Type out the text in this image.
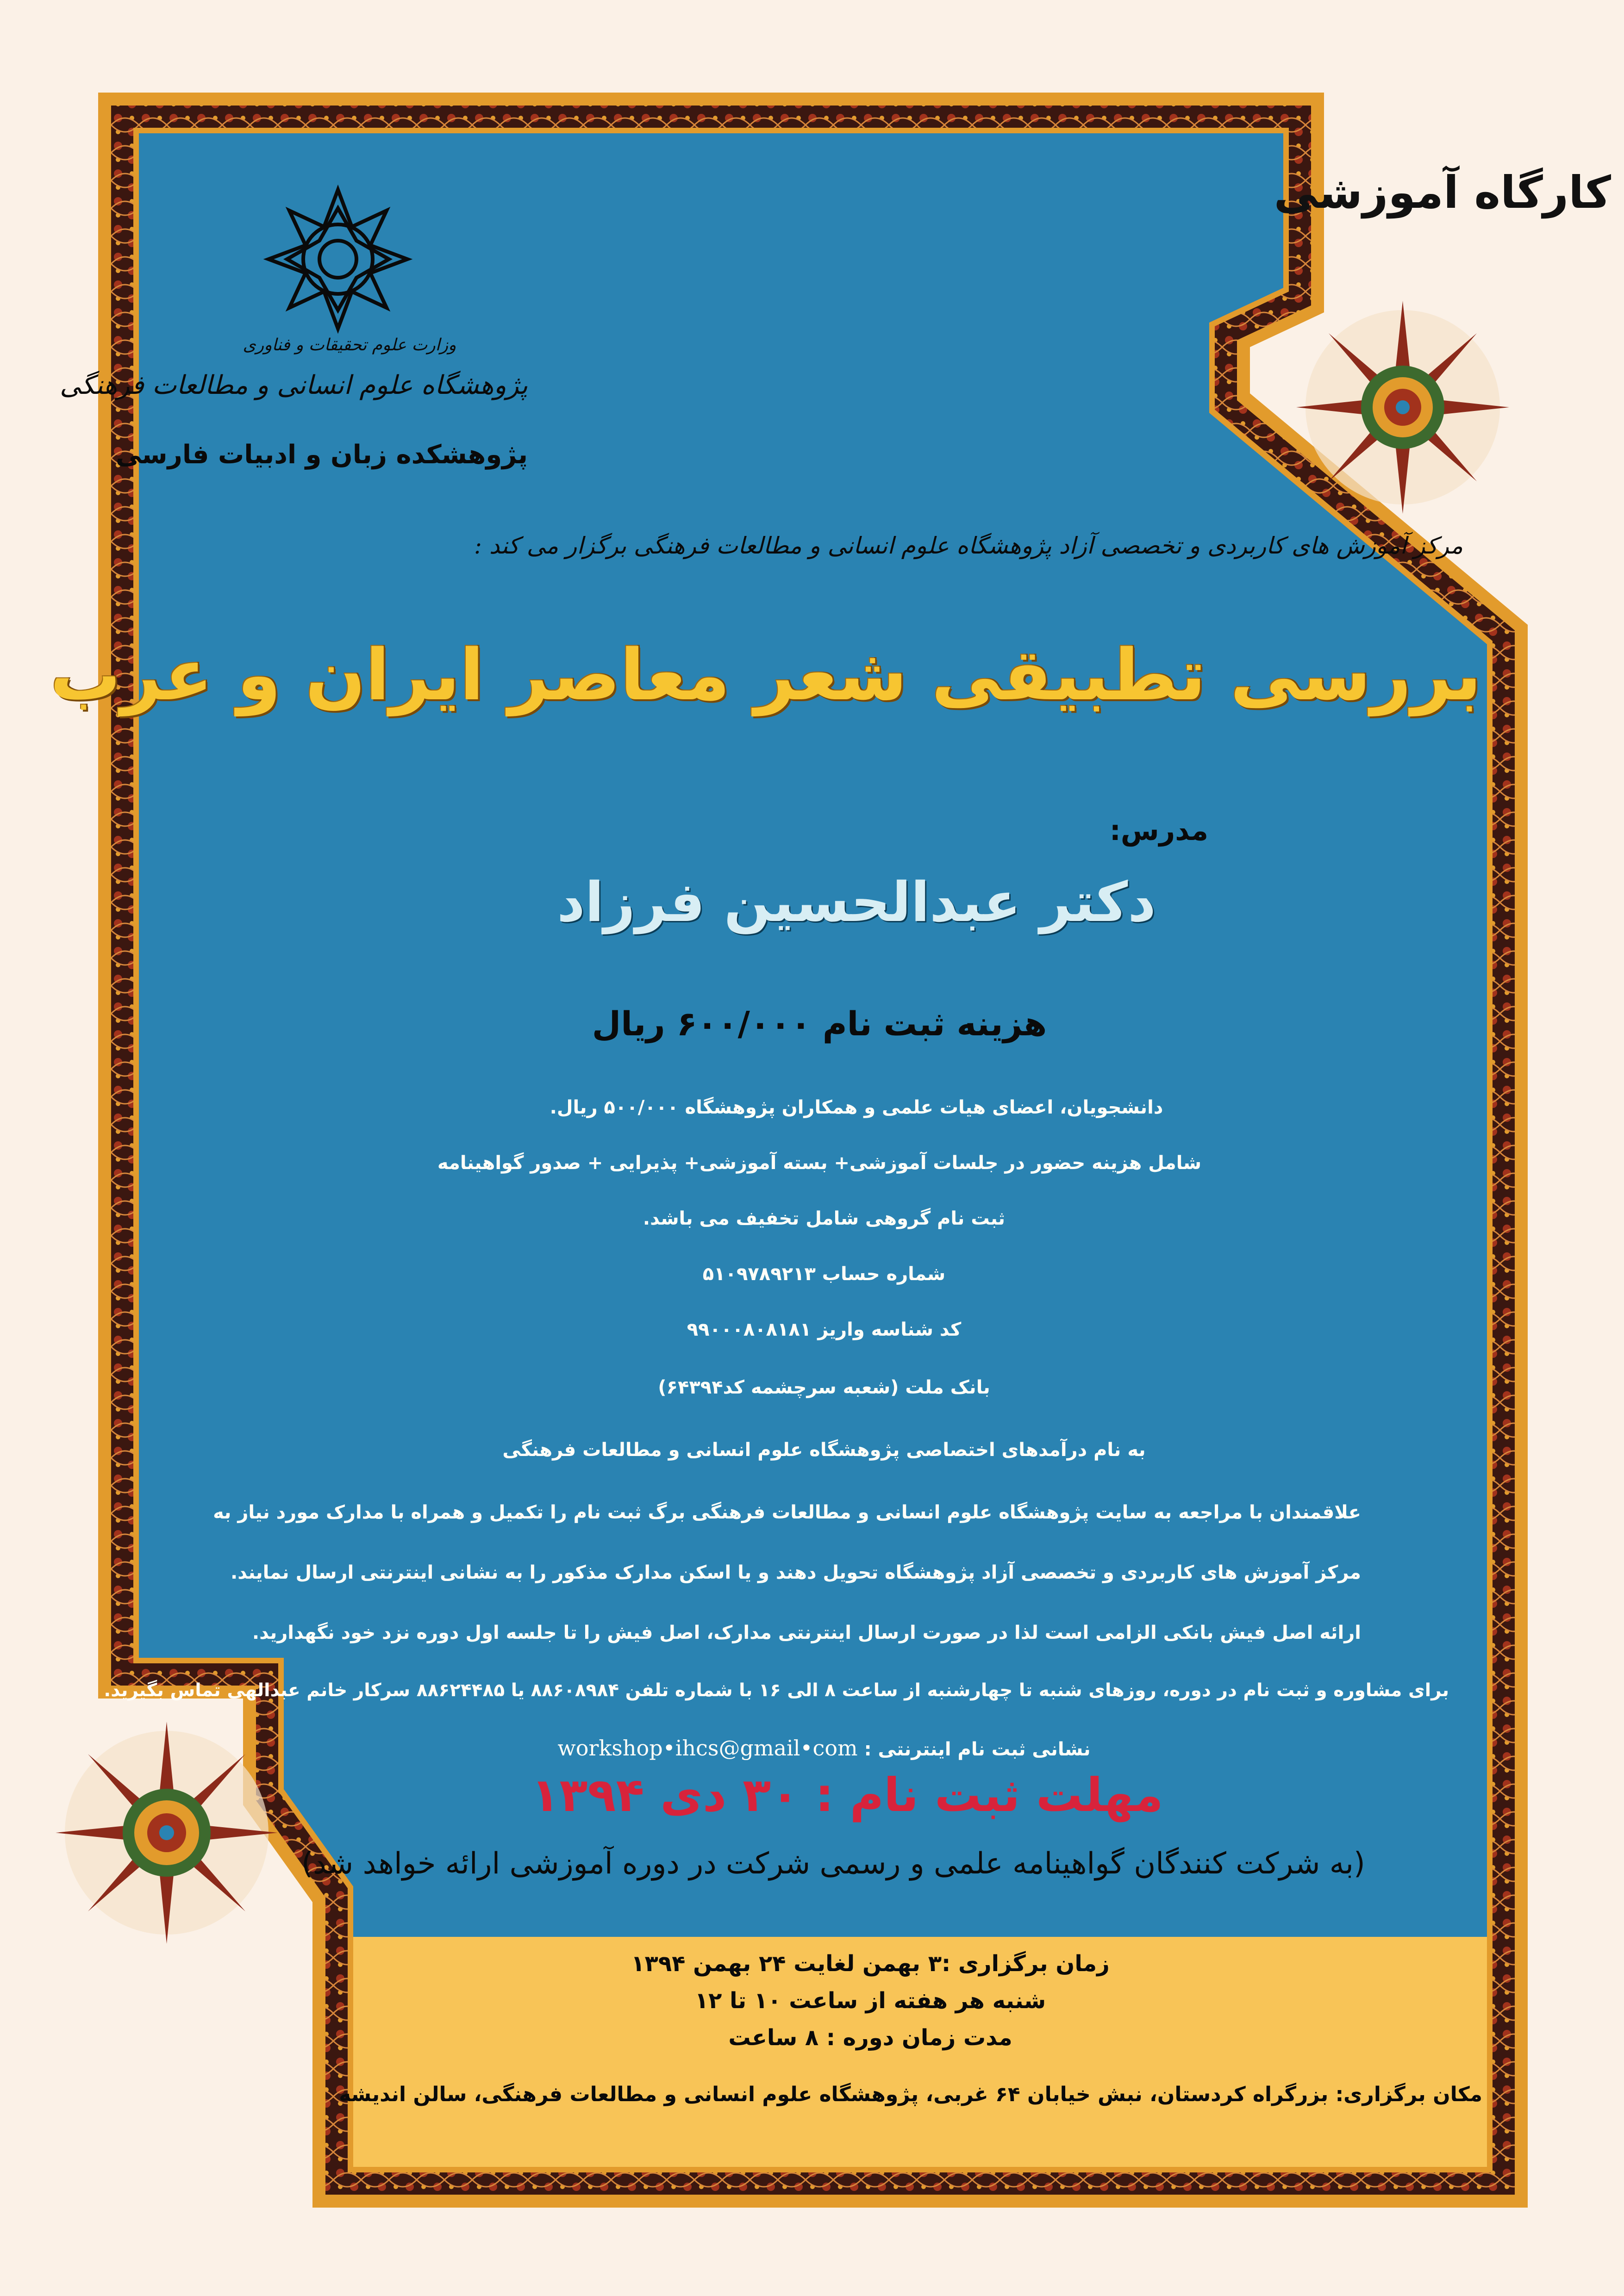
کارگاه آموزشی
وزارت علوم تحقیقات و فناوری
پژوهشگاه علوم انسانی و مطالعات فرهنگی
پژوهشکده زبان و ادبیات فارسی
مرکز آموزش های کاربردی و تخصصی آزاد پژوهشگاه علوم انسانی و مطالعات فرهنگی برگزار می کند :
بررسی تطبیقی شعر معاصر ایران و عرب
مدرس:
دکتر عبدالحسین فرزاد
هزینه ثبت نام ۶۰۰/۰۰۰ ریال
دانشجویان، اعضای هیات علمی و همکاران پژوهشگاه ۵۰۰/۰۰۰ ریال.
شامل هزینه حضور در جلسات آموزشی+ بسته آموزشی+ پذیرایی + صدور گواهینامه
ثبت نام گروهی شامل تخفیف می باشد.
شماره حساب ۵۱۰۹۷۸۹۲۱۳
کد شناسه واریز ۹۹۰۰۰۸۰۸۱۸۱
بانک ملت (شعبه سرچشمه کد۶۴۳۹۴)
به نام درآمدهای اختصاصی پژوهشگاه علوم انسانی و مطالعات فرهنگی
علاقمندان با مراجعه به سایت پژوهشگاه علوم انسانی و مطالعات فرهنگی برگ ثبت نام را تکمیل و همراه با مدارک مورد نیاز به
مرکز آموزش های کاربردی و تخصصی آزاد پژوهشگاه تحویل دهند و یا اسکن مدارک مذکور را به نشانی اینترنتی ارسال نمایند.
ارائه اصل فیش بانکی الزامی است لذا در صورت ارسال اینترنتی مدارک، اصل فیش را تا جلسه اول دوره نزد خود نگهدارید.
برای مشاوره و ثبت نام در دوره، روزهای شنبه تا چهارشنبه از ساعت ۸ الی ۱۶ با شماره تلفن ۸۸۶۰۸۹۸۴ یا ۸۸۶۲۴۴۸۵ سرکار خانم عبدالهی تماس بگیرید.
نشانی ثبت نام اینترنتی : workshop•ihcs@gmail•com
مهلت ثبت نام : ۳۰ دی ۱۳۹۴
(به شرکت کنندگان گواهینامه علمی و رسمی شرکت در دوره آموزشی ارائه خواهد شد)
زمان برگزاری :۳ بهمن لغایت ۲۴ بهمن ۱۳۹۴
شنبه هر هفته از ساعت ۱۰ تا ۱۲
مدت زمان دوره : ۸ ساعت
مکان برگزاری: بزرگراه کردستان، نبش خیابان ۶۴ غربی، پژوهشگاه علوم انسانی و مطالعات فرهنگی، سالن اندیشه
